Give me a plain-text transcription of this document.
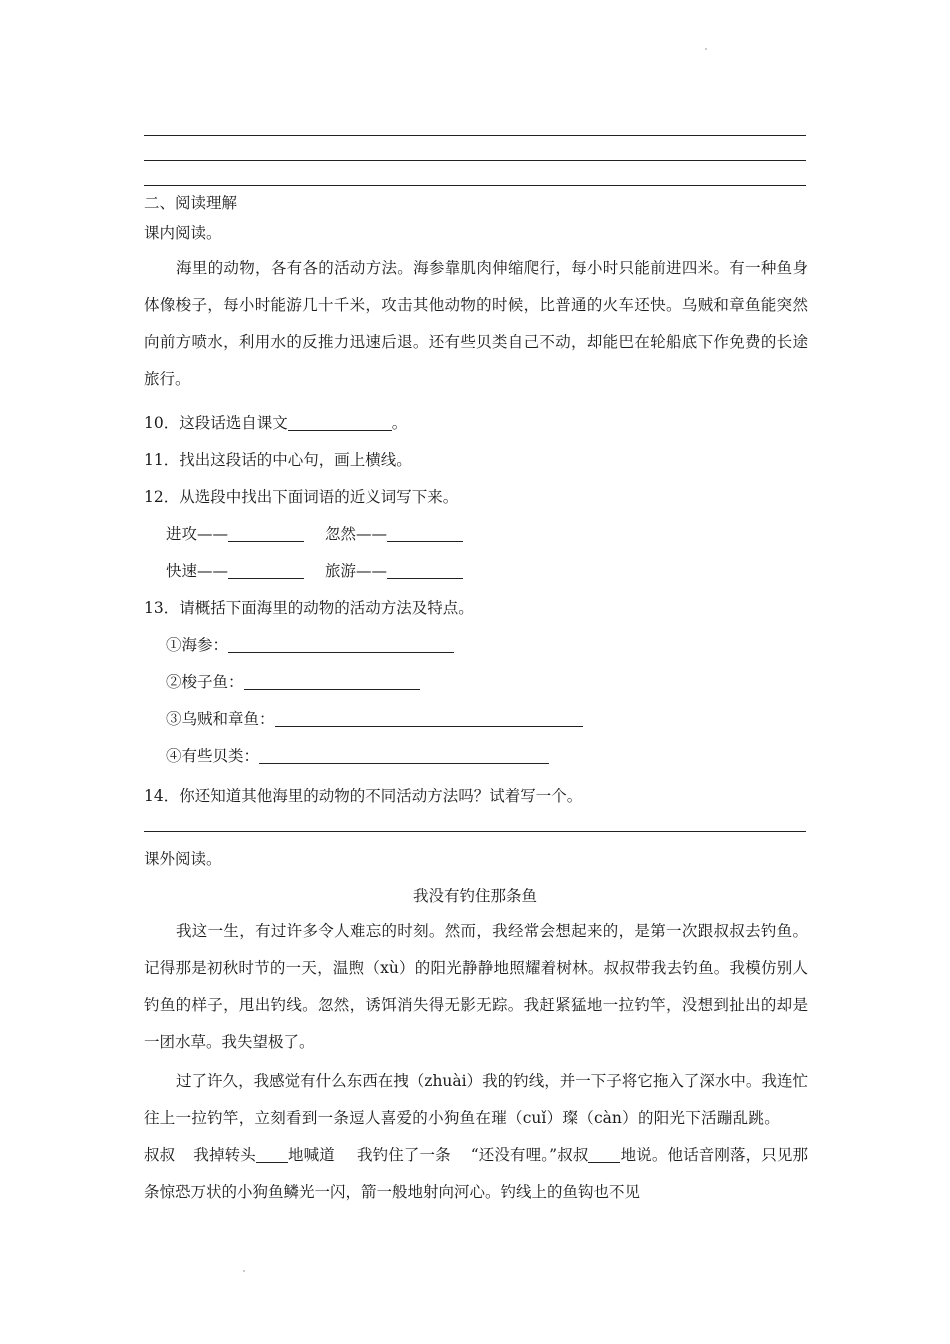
二、阅读理解
课内阅读。
海里的动物，各有各的活动方法。海参靠肌肉伸缩爬行，每小时只能前进四米。有一种鱼身体像梭子，每小时能游几十千米，攻击其他动物的时候，比普通的火车还快。乌贼和章鱼能突然向前方喷水，利用水的反推力迅速后退。还有些贝类自己不动，却能巴在轮船底下作免费的长途旅行。
10．这段话选自课文	。
11．找出这段话的中心句，画上横线。
12．从选段中找出下面词语的近义词写下来。
进攻——	忽然——
快速——	旅游——
13．请概括下面海里的动物的活动方法及特点。
①海参：
②梭子鱼：
③乌贼和章鱼：
④有些贝类：
14．你还知道其他海里的动物的不同活动方法吗？试着写一个。
课外阅读。
我没有钓住那条鱼
我这一生，有过许多令人难忘的时刻。然而，我经常会想起来的，是第一次跟叔叔去钓鱼。记得那是初秋时节的一天，温煦（xù）的阳光静静地照耀着树林。叔叔带我去钓鱼。我模仿别人钓鱼的样子，甩出钓线。忽然，诱饵消失得无影无踪。我赶紧猛地一拉钓竿，没想到扯出的却是一团水草。我失望极了。
过了许久，我感觉有什么东西在拽（zhuài）我的钓线，并一下子将它拖入了深水中。我连忙往上一拉钓竿，立刻看到一条逗人喜爱的小狗鱼在璀（cuǐ）璨（càn）的阳光下活蹦乱跳。叔叔 我掉转头 地喊道 我钓住了一条 “还没有哩。”叔叔 地说。他话音刚落，只见那条惊恐万状的小狗鱼鳞光一闪，箭一般地射向河心。钓线上的鱼钩也不见
